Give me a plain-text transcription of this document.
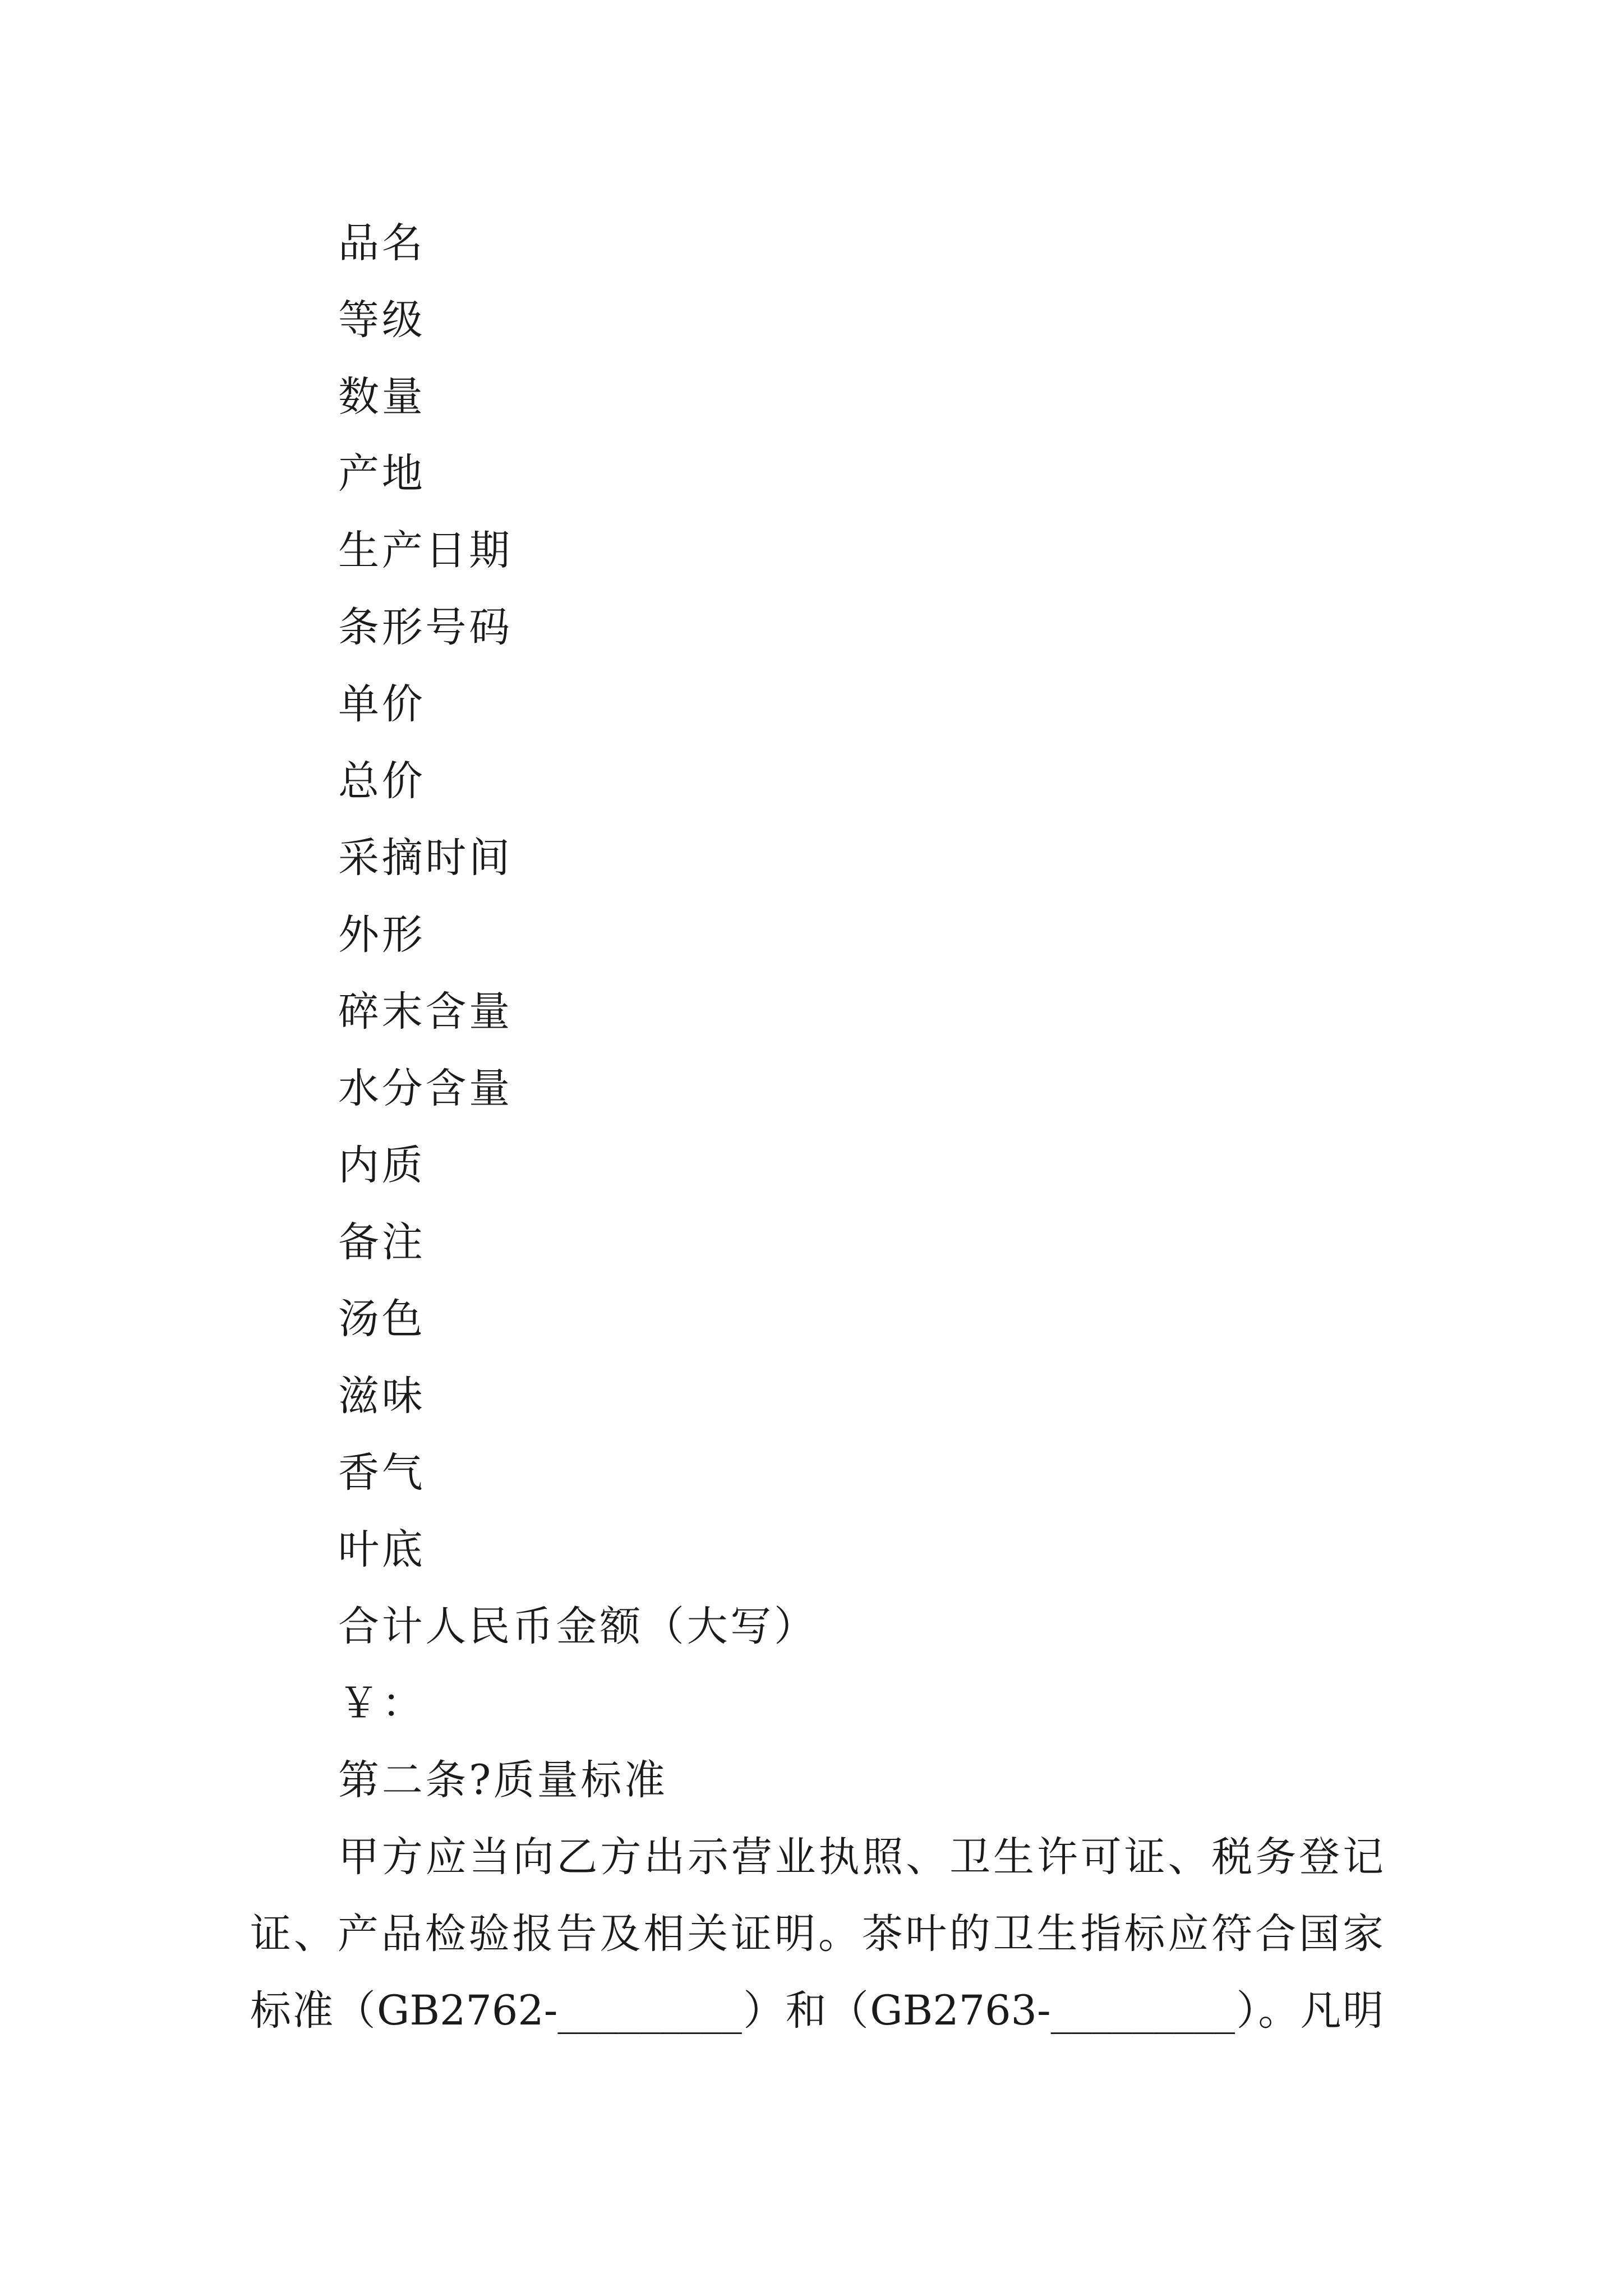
品名
等级
数量
产地
生产日期
条形号码
单价
总价
采摘时间
外形
碎末含量
水分含量
内质
备注
汤色
滋味
香气
叶底
合计人民币金额（大写）
￥：
第二条?质量标准
甲方应当向乙方出示营业执照、卫生许可证、税务登记
证、产品检验报告及相关证明。茶叶的卫生指标应符合国家
标准（GB2762-_________）和（GB2763-_________）。凡明
